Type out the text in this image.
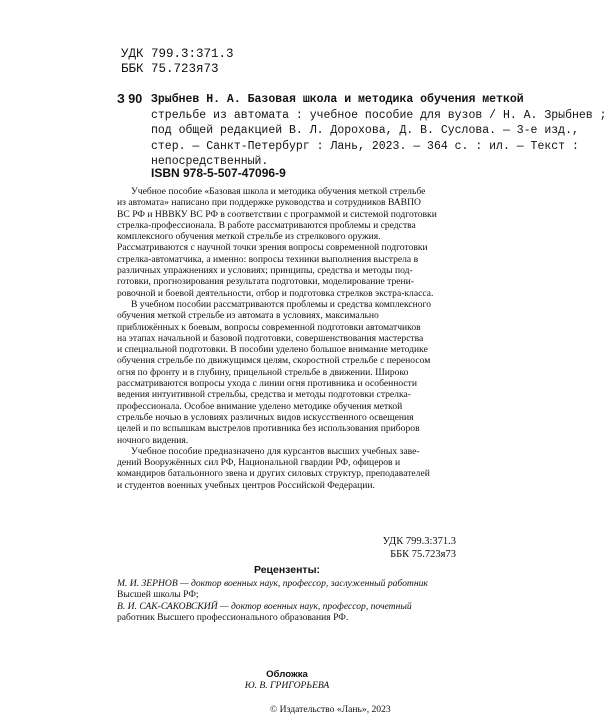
УДК 799.3:371.3
ББК 75.723я73
З 90 Зрыбнев Н. А. Базовая школа и методика обучения меткой
стрельбе из автомата : учебное пособие для вузов / Н. А. Зрыбнев ;
под общей редакцией В. Л. Дорохова, Д. В. Суслова. — 3-е изд.,
стер. — Санкт-Петербург : Лань, 2023. — 364 с. : ил. — Текст :
непосредственный.
ISBN 978-5-507-47096-9
Учебное пособие «Базовая школа и методика обучения меткой стрельбе
из автомата» написано при поддержке руководства и сотрудников ВАВПО
ВС РФ и НВВКУ ВС РФ в соответствии с программой и системой подготовки
стрелка-профессионала. В работе рассматриваются проблемы и средства
комплексного обучения меткой стрельбе из стрелкового оружия.
Рассматриваются с научной точки зрения вопросы современной подготовки
стрелка-автоматчика, а именно: вопросы техники выполнения выстрела в
различных упражнениях и условиях; принципы, средства и методы под-
готовки, прогнозирования результата подготовки, моделирование трени-
ровочной и боевой деятельности, отбор и подготовка стрелков экстра-класса.
В учебном пособии рассматриваются проблемы и средства комплексного
обучения меткой стрельбе из автомата в условиях, максимально
приближённых к боевым, вопросы современной подготовки автоматчиков
на этапах начальной и базовой подготовки, совершенствования мастерства
и специальной подготовки. В пособии уделено большое внимание методике
обучения стрельбе по движущимся целям, скоростной стрельбе с переносом
огня по фронту и в глубину, прицельной стрельбе в движении. Широко
рассматриваются вопросы ухода с линии огня противника и особенности
ведения интуитивной стрельбы, средства и методы подготовки стрелка-
профессионала. Особое внимание уделено методике обучения меткой
стрельбе ночью в условиях различных видов искусственного освещения
целей и по вспышкам выстрелов противника без использования приборов
ночного видения.
Учебное пособие предназначено для курсантов высших учебных заве-
дений Вооружённых сил РФ, Национальной гвардии РФ, офицеров и
командиров батальонного звена и других силовых структур, преподавателей
и студентов военных учебных центров Российской Федерации.
УДК 799.3:371.3
ББК 75.723я73
Рецензенты:
М. И. ЗЕРНОВ — доктор военных наук, профессор, заслуженный работник
Высшей школы РФ;
В. И. САК-САКОВСКИЙ — доктор военных наук, профессор, почетный
работник Высшего профессионального образования РФ.
Обложка
Ю. В. ГРИГОРЬЕВА
© Издательство «Лань», 2023
